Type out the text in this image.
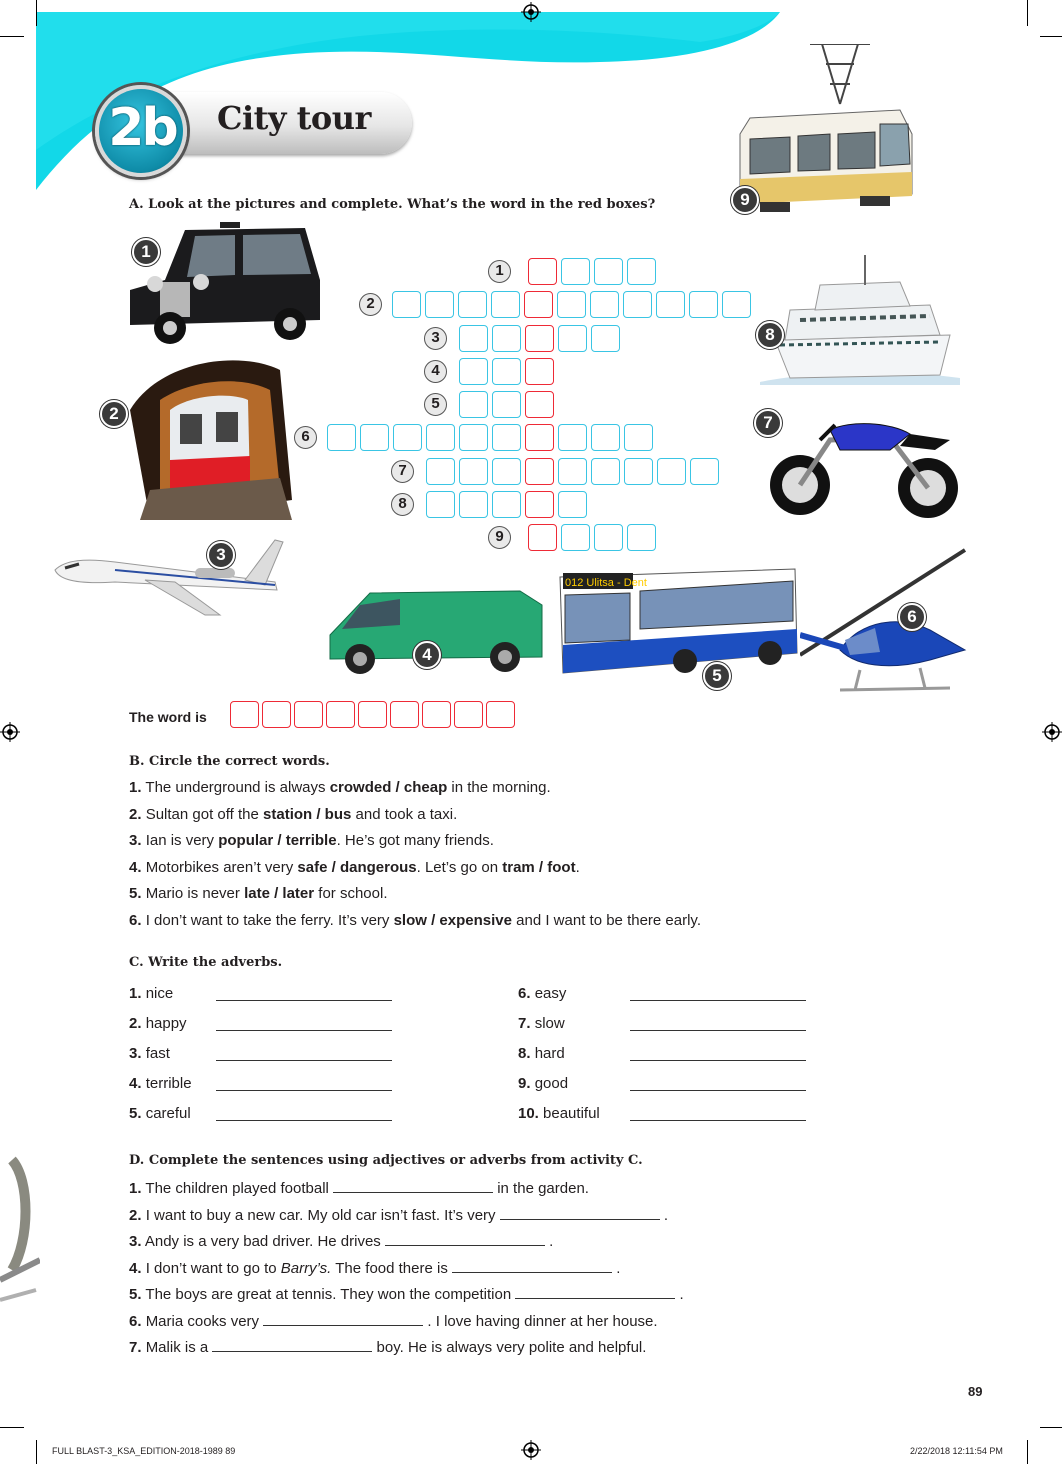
City tour
2b
A. Look at the pictures and complete. What’s the word in the red boxes?
012 Ulitsa - Dent
9
1
8
2	7
3
6
4
5
1
2
3
4
5
6
7
8
9
The word is
B. Circle the correct words.
1. The underground is always crowded / cheap in the morning.
2. Sultan got off the station / bus and took a taxi.
3. Ian is very popular / terrible. He’s got many friends.
4. Motorbikes aren’t very safe / dangerous. Let’s go on tram / foot.
5. Mario is never late / later for school.
6. I don’t want to take the ferry. It’s very slow / expensive and I want to be there early.
C. Write the adverbs.
1. nice
2. happy
3. fast
4. terrible
5. careful
6. easy
7. slow
8. hard
9. good
10. beautiful
D. Complete the sentences using adjectives or adverbs from activity C.
1. The children played football	in the garden.
2. I want to buy a new car. My old car isn’t fast. It’s very	.
3. Andy is a very bad driver. He drives	.
4. I don’t want to go to Barry’s. The food there is	.
5. The boys are great at tennis. They won the competition	.
6. Maria cooks very	. I love having dinner at her house.
7. Malik is a	boy. He is always very polite and helpful.
89
FULL BLAST-3_KSA_EDITION-2018-1989 89	2/22/2018 12:11:54 PM
